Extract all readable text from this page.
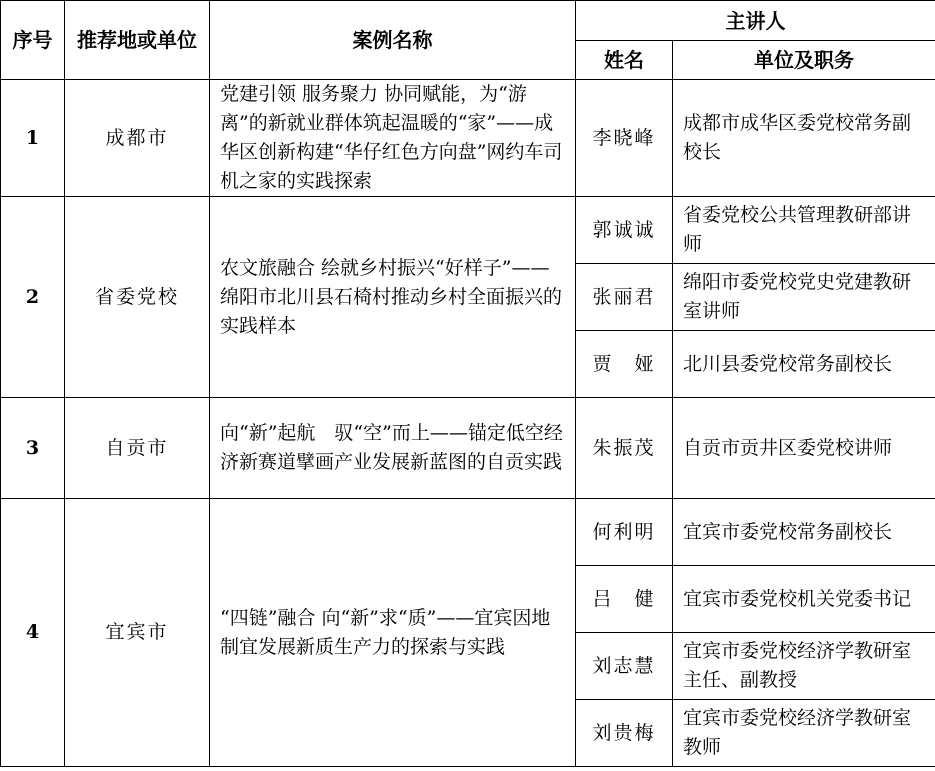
序号	推荐地或单位	案例名称	主讲人	
			姓名	单位及职务
1	成都市	党建引领 服务聚力 协同赋能，为“游离”的新就业群体筑起温暖的“家”——成华区创新构建“华仔红色方向盘”网约车司机之家的实践探索	李晓峰	成都市成华区委党校常务副校长
2	省委党校	农文旅融合 绘就乡村振兴“好样子”——绵阳市北川县石椅村推动乡村全面振兴的实践样本	郭诚诚	省委党校公共管理教研部讲师
			张丽君	绵阳市委党校党史党建教研室讲师
			贾　娅	北川县委党校常务副校长
3	自贡市	向“新”起航　驭“空”而上——锚定低空经济新赛道擘画产业发展新蓝图的自贡实践	朱振茂	自贡市贡井区委党校讲师
4	宜宾市	“四链”融合 向“新”求“质”——宜宾因地制宜发展新质生产力的探索与实践	何利明	宜宾市委党校常务副校长
			吕　健	宜宾市委党校机关党委书记
			刘志慧	宜宾市委党校经济学教研室主任、副教授
			刘贵梅	宜宾市委党校经济学教研室教师
